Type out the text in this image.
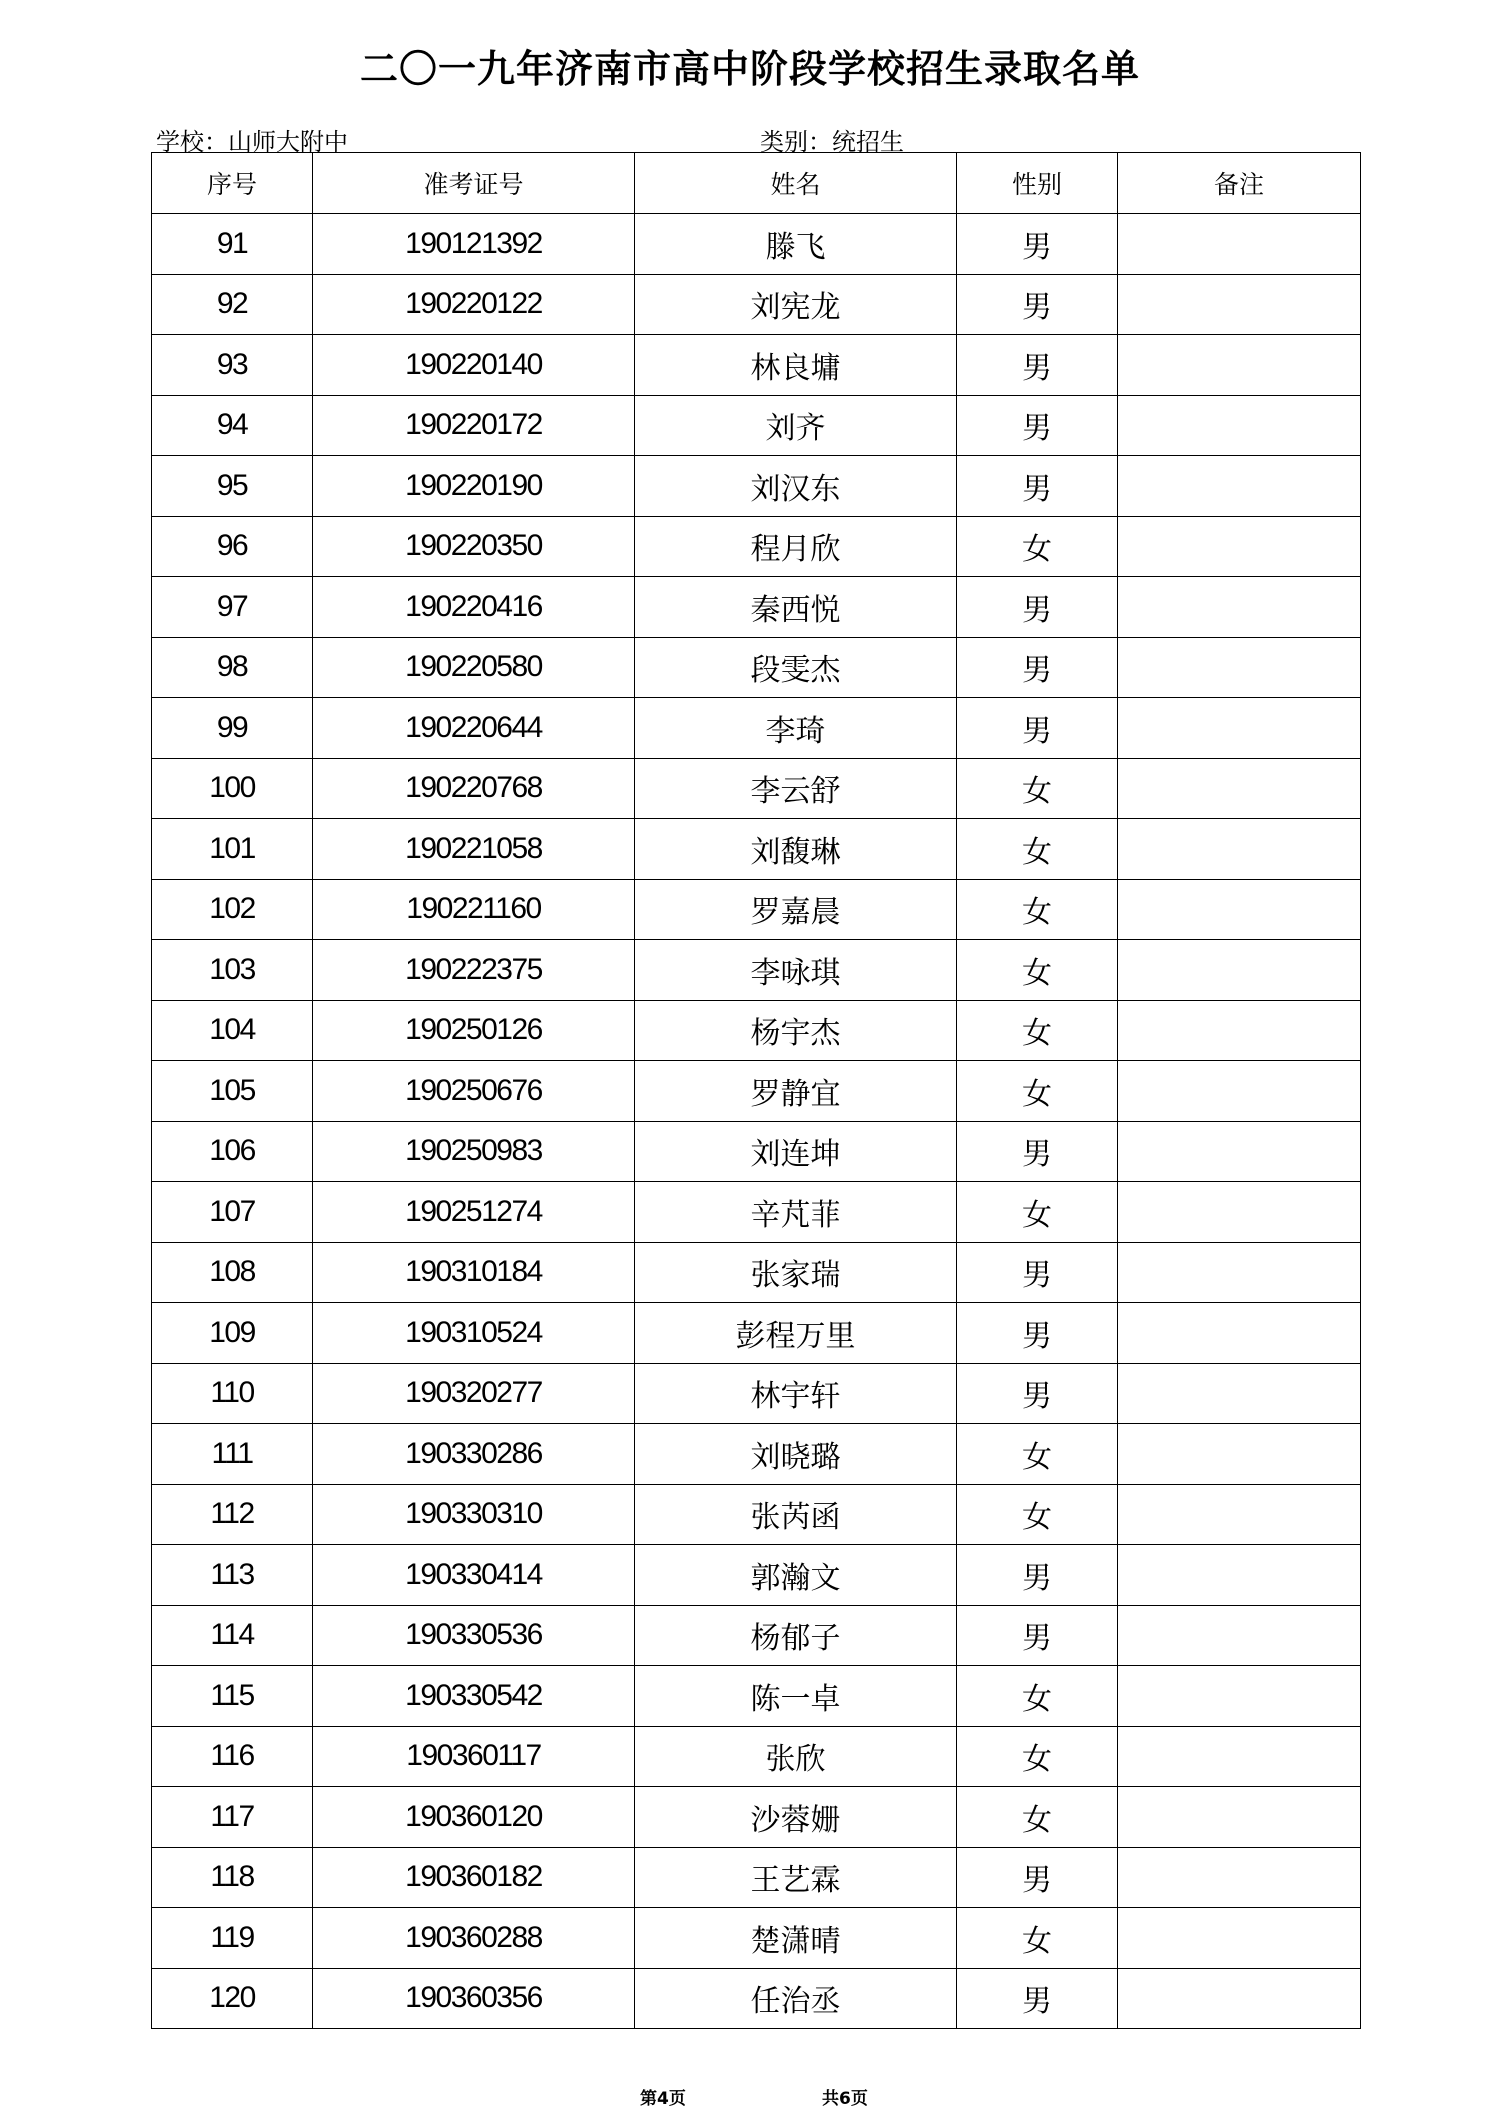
二〇一九年济南市高中阶段学校招生录取名单
学校：山师大附中	类别：统招生
序号	准考证号	姓名	性别	备注
91	190121392	滕飞	男	
92	190220122	刘宪龙	男	
93	190220140	林良墉	男	
94	190220172	刘齐	男	
95	190220190	刘汉东	男	
96	190220350	程月欣	女	
97	190220416	秦西悦	男	
98	190220580	段雯杰	男	
99	190220644	李琦	男	
100	190220768	李云舒	女	
101	190221058	刘馥琳	女	
102	190221160	罗嘉晨	女	
103	190222375	李咏琪	女	
104	190250126	杨宇杰	女	
105	190250676	罗静宜	女	
106	190250983	刘连坤	男	
107	190251274	辛芃菲	女	
108	190310184	张家瑞	男	
109	190310524	彭程万里	男	
110	190320277	林宇轩	男	
111	190330286	刘晓璐	女	
112	190330310	张芮函	女	
113	190330414	郭瀚文	男	
114	190330536	杨郁子	男	
115	190330542	陈一卓	女	
116	190360117	张欣	女	
117	190360120	沙蓉姗	女	
118	190360182	王艺霖	男	
119	190360288	楚潇晴	女	
120	190360356	任治丞	男	
第4页	共6页
